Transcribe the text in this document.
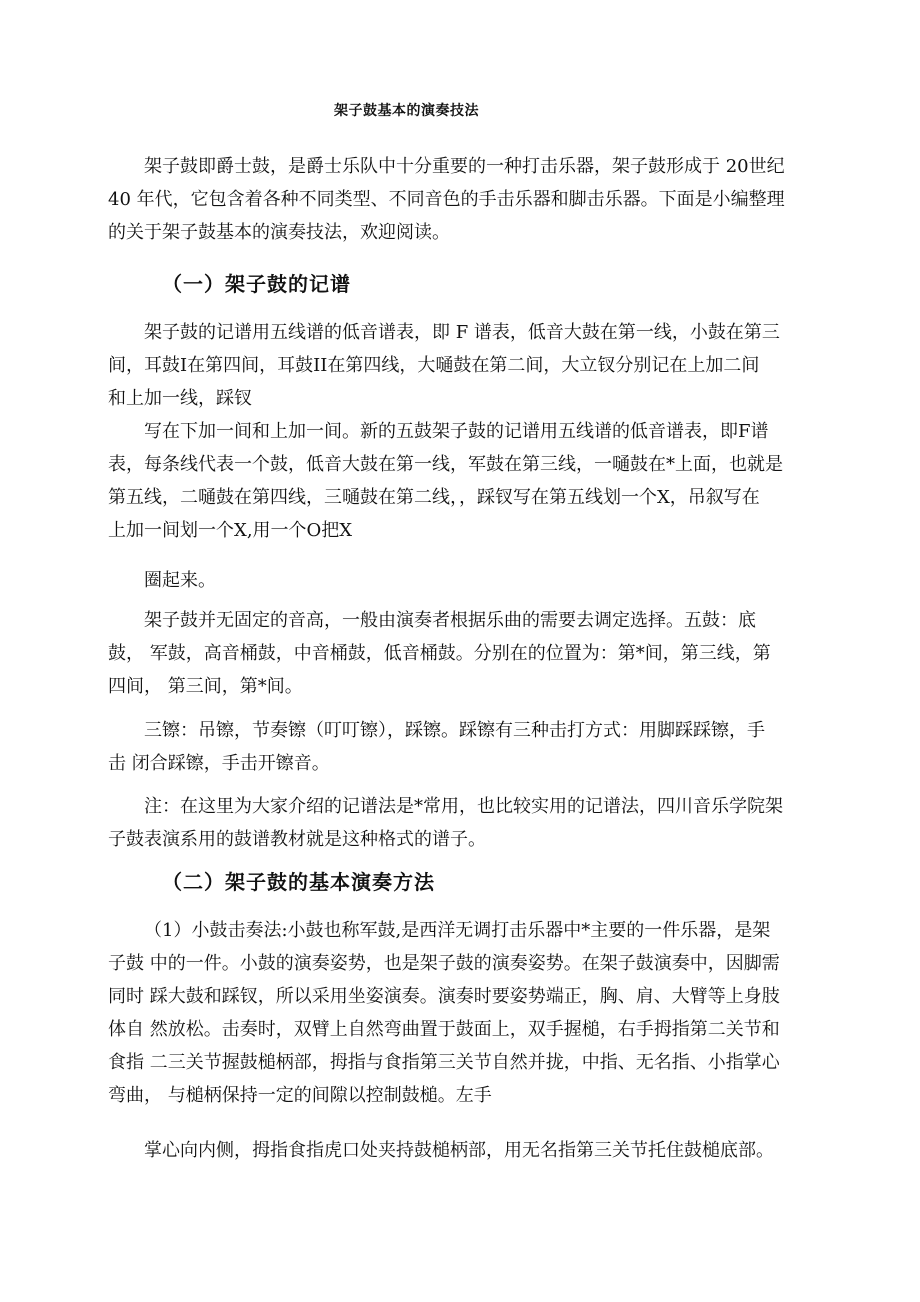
架子鼓基本的演奏技法
架子鼓即爵士鼓，是爵士乐队中十分重要的一种打击乐器，架子鼓形成于 20世纪
40 年代，它包含着各种不同类型、不同音色的手击乐器和脚击乐器。下面是小编整理
的关于架子鼓基本的演奏技法，欢迎阅读。
（一）架子鼓的记谱
架子鼓的记谱用五线谱的低音谱表，即 F 谱表，低音大鼓在第一线，小鼓在第三
间，耳鼓I在第四间，耳鼓II在第四线，大嗵鼓在第二间，大立钗分别记在上加二间
和上加一线，踩钗
写在下加一间和上加一间。新的五鼓架子鼓的记谱用五线谱的低音谱表，即F谱
表，每条线代表一个鼓，低音大鼓在第一线，军鼓在第三线，一嗵鼓在*上面，也就是
第五线，二嗵鼓在第四线，三嗵鼓在第二线，，踩钗写在第五线划一个X，吊叙写在
上加一间划一个X,用一个O把X
圈起来。
架子鼓并无固定的音高，一般由演奏者根据乐曲的需要去调定选择。五鼓：底
鼓， 军鼓，高音桶鼓，中音桶鼓，低音桶鼓。分别在的位置为：第*间，第三线，第
四间， 第三间，第*间。
三镲：吊镲，节奏镲（叮叮镲），踩镲。踩镲有三种击打方式：用脚踩踩镲，手
击 闭合踩镲，手击开镲音。
注：在这里为大家介绍的记谱法是*常用，也比较实用的记谱法，四川音乐学院架
子鼓表演系用的鼓谱教材就是这种格式的谱子。
（二）架子鼓的基本演奏方法
（1）小鼓击奏法:小鼓也称军鼓,是西洋无调打击乐器中*主要的一件乐器，是架
子鼓 中的一件。小鼓的演奏姿势，也是架子鼓的演奏姿势。在架子鼓演奏中，因脚需
同时 踩大鼓和踩钗，所以采用坐姿演奏。演奏时要姿势端正，胸、肩、大臂等上身肢
体自 然放松。击奏时，双臂上自然弯曲置于鼓面上，双手握槌，右手拇指第二关节和
食指 二三关节握鼓槌柄部，拇指与食指第三关节自然并拢，中指、无名指、小指掌心
弯曲， 与槌柄保持一定的间隙以控制鼓槌。左手
掌心向内侧，拇指食指虎口处夹持鼓槌柄部，用无名指第三关节托住鼓槌底部。
